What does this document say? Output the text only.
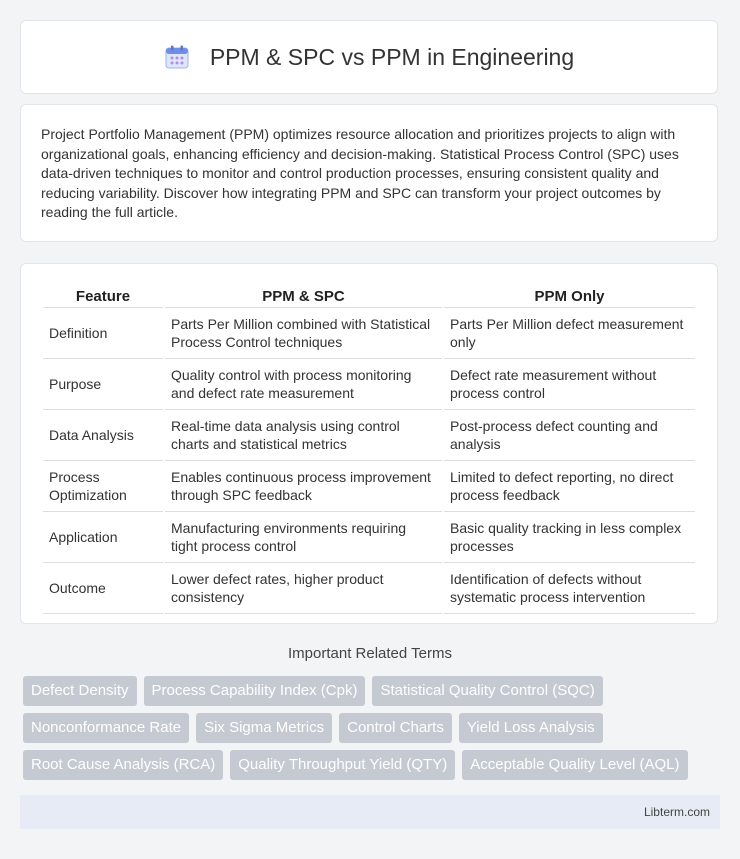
PPM & SPC vs PPM in Engineering

Project Portfolio Management (PPM) optimizes resource allocation and prioritizes projects to align with organizational goals, enhancing efficiency and decision-making. Statistical Process Control (SPC) uses data-driven techniques to monitor and control production processes, ensuring consistent quality and reducing variability. Discover how integrating PPM and SPC can transform your project outcomes by reading the full article.

Feature	PPM & SPC	PPM Only
Definition	Parts Per Million combined with Statistical Process Control techniques	Parts Per Million defect measurement only
Purpose	Quality control with process monitoring and defect rate measurement	Defect rate measurement without process control
Data Analysis	Real-time data analysis using control charts and statistical metrics	Post-process defect counting and analysis
Process Optimization	Enables continuous process improvement through SPC feedback	Limited to defect reporting, no direct process feedback
Application	Manufacturing environments requiring tight process control	Basic quality tracking in less complex processes
Outcome	Lower defect rates, higher product consistency	Identification of defects without systematic process intervention
Important Related Terms
Defect Density	Process Capability Index (Cpk)	Statistical Quality Control (SQC)
Nonconformance Rate	Six Sigma Metrics	Control Charts	Yield Loss Analysis
Root Cause Analysis (RCA)	Quality Throughput Yield (QTY)	Acceptable Quality Level (AQL)
Libterm.com
